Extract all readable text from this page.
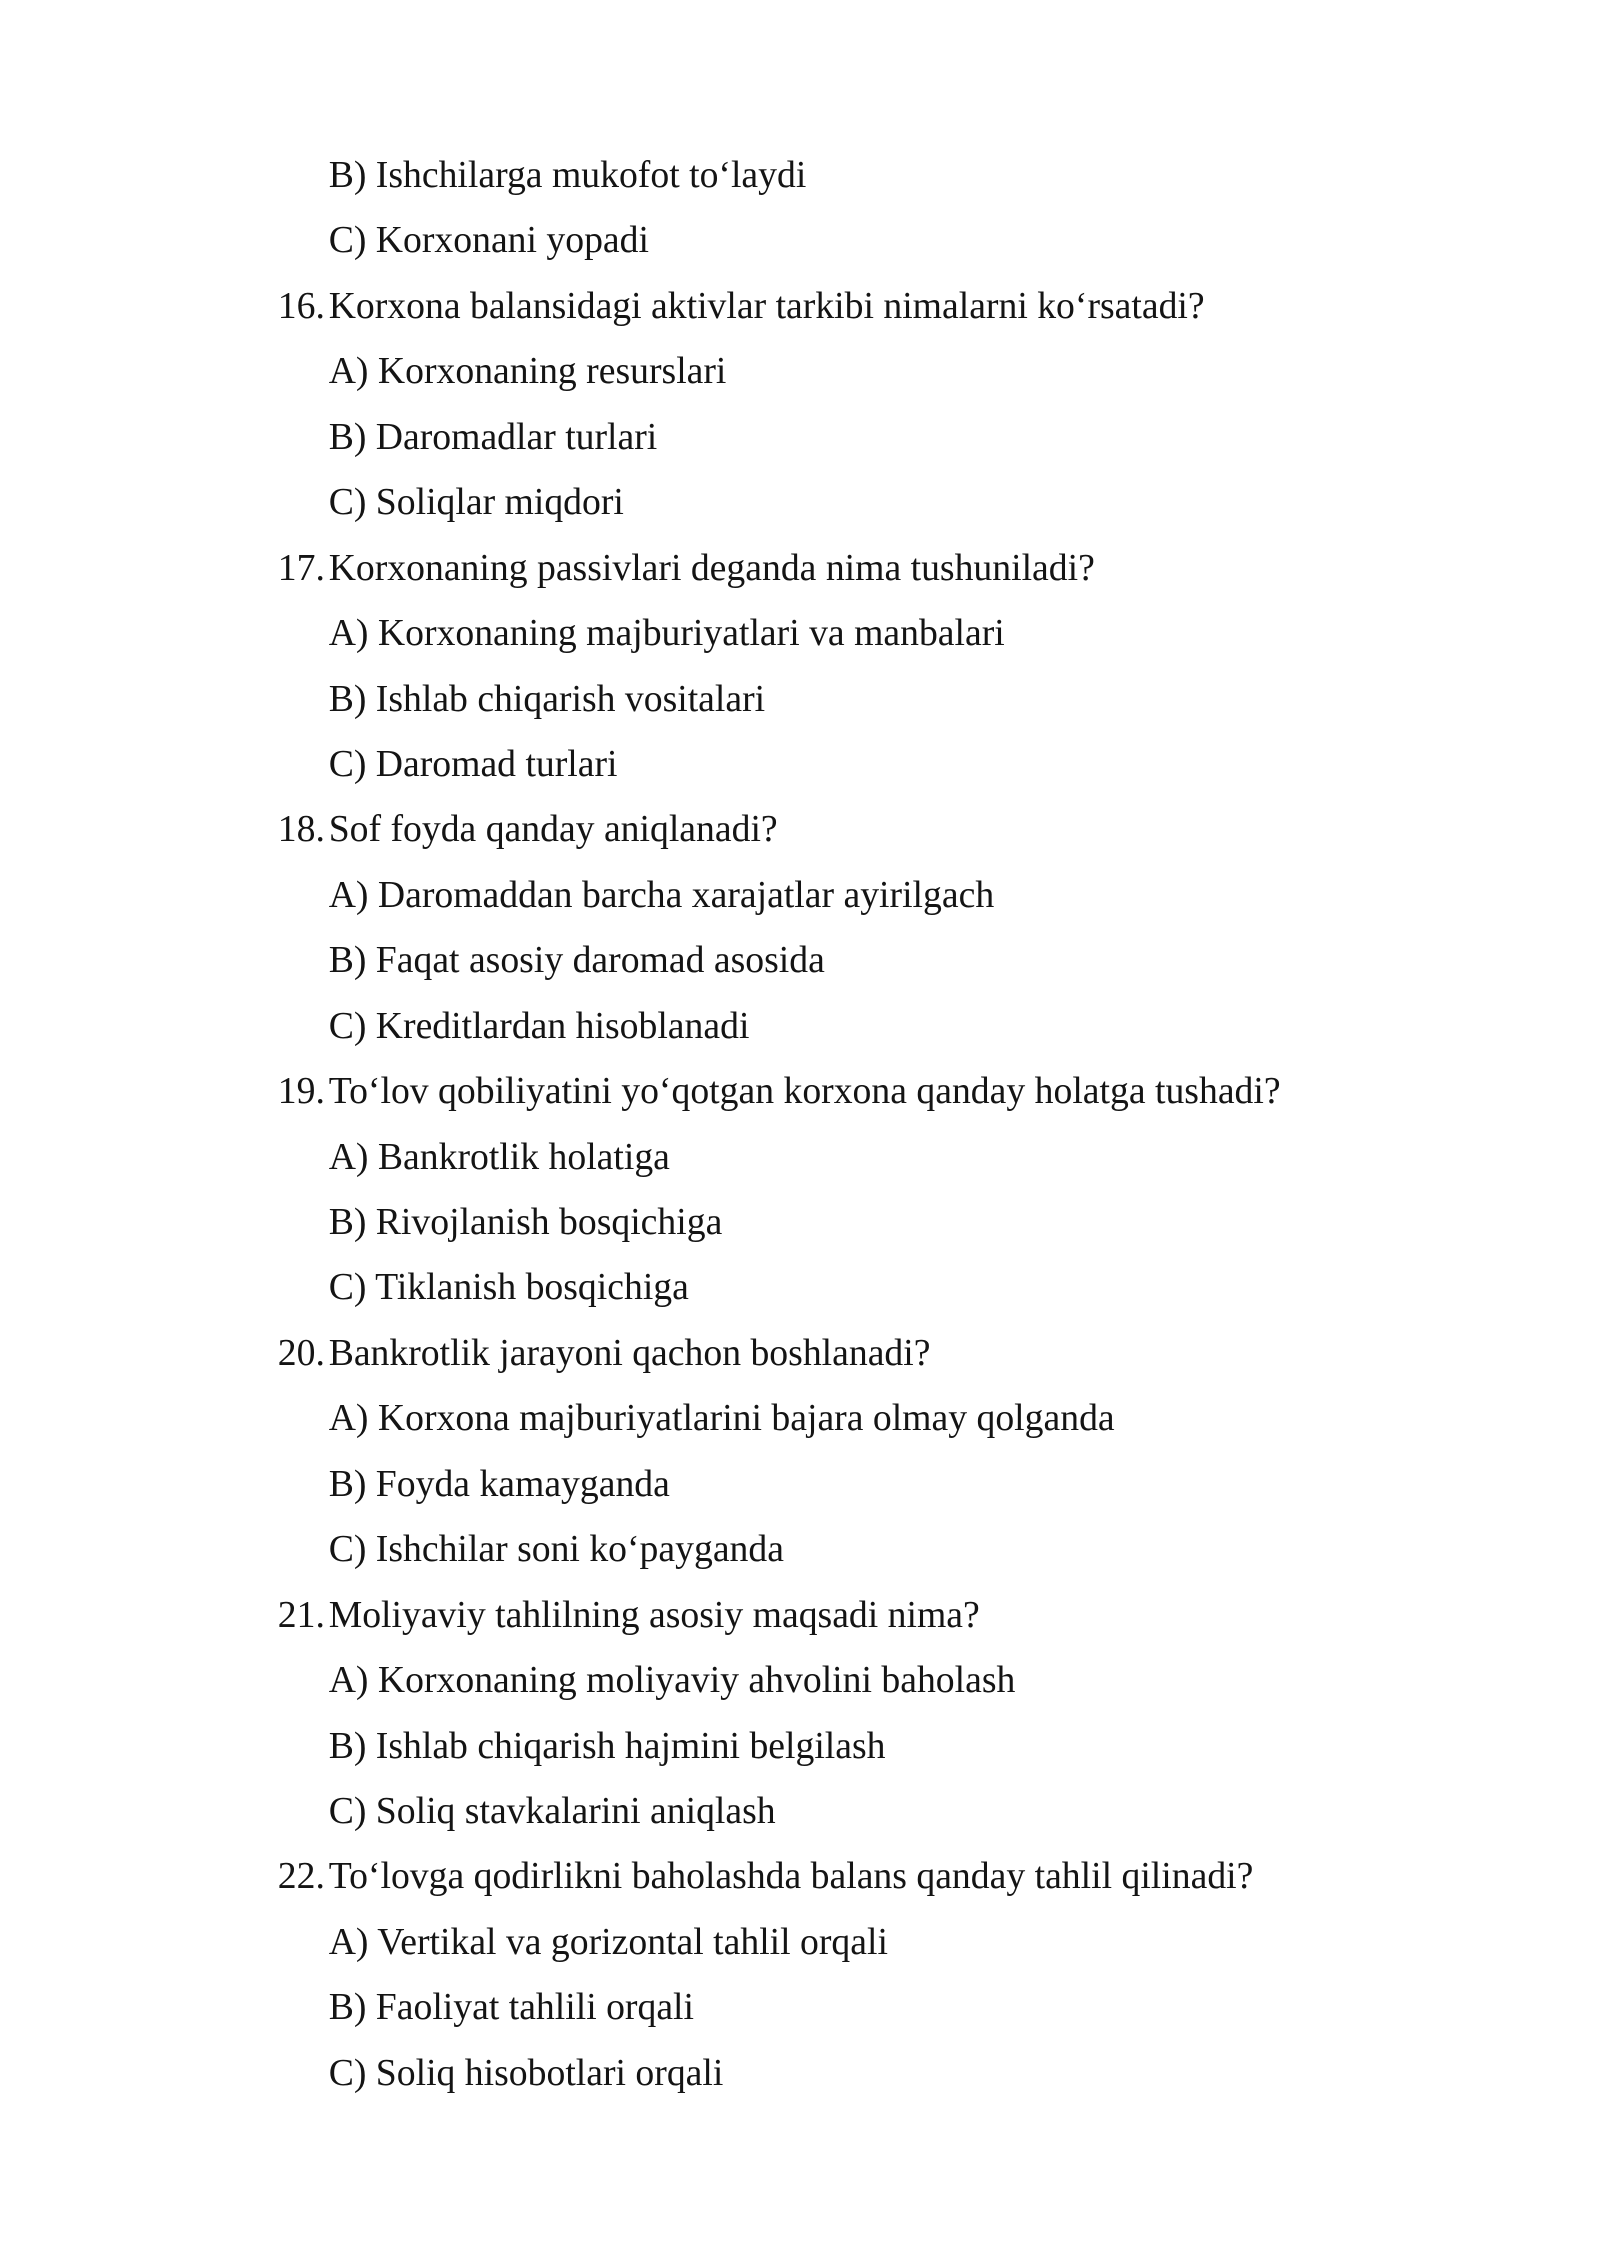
B) Ishchilarga mukofot to‘laydi
C) Korxonani yopadi
16. Korxona balansidagi aktivlar tarkibi nimalarni ko‘rsatadi?
A) Korxonaning resurslari
B) Daromadlar turlari
C) Soliqlar miqdori
17. Korxonaning passivlari deganda nima tushuniladi?
A) Korxonaning majburiyatlari va manbalari
B) Ishlab chiqarish vositalari
C) Daromad turlari
18. Sof foyda qanday aniqlanadi?
A) Daromaddan barcha xarajatlar ayirilgach
B) Faqat asosiy daromad asosida
C) Kreditlardan hisoblanadi
19. To‘lov qobiliyatini yo‘qotgan korxona qanday holatga tushadi?
A) Bankrotlik holatiga
B) Rivojlanish bosqichiga
C) Tiklanish bosqichiga
20. Bankrotlik jarayoni qachon boshlanadi?
A) Korxona majburiyatlarini bajara olmay qolganda
B) Foyda kamayganda
C) Ishchilar soni ko‘payganda
21. Moliyaviy tahlilning asosiy maqsadi nima?
A) Korxonaning moliyaviy ahvolini baholash
B) Ishlab chiqarish hajmini belgilash
C) Soliq stavkalarini aniqlash
22. To‘lovga qodirlikni baholashda balans qanday tahlil qilinadi?
A) Vertikal va gorizontal tahlil orqali
B) Faoliyat tahlili orqali
C) Soliq hisobotlari orqali
